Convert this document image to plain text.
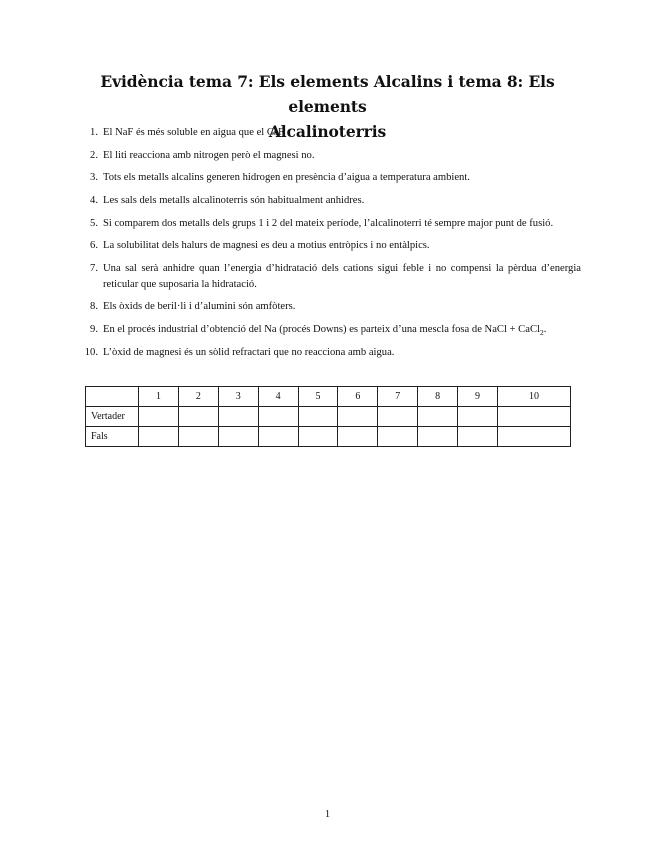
Evidència tema 7: Els elements Alcalins i tema 8: Els elements
Alcalinoterris
1. El NaF és més soluble en aigua que el CsF.
2. El liti reacciona amb nitrogen però el magnesi no.
3. Tots els metalls alcalins generen hidrogen en presència d’aigua a temperatura ambient.
4. Les sals dels metalls alcalinoterris són habitualment anhidres.
5. Si comparem dos metalls dels grups 1 i 2 del mateix període, l’alcalinoterri té sempre major punt de fusió.
6. La solubilitat dels halurs de magnesi es deu a motius entròpics i no entàlpics.
7. Una sal serà anhidre quan l’energia d’hidratació dels cations sigui feble i no compensi la pèrdua d’energia reticular que suposaria la hidratació.
8. Els òxids de beril·li i d’alumini són amfòters.
9. En el procés industrial d’obtenció del Na (procés Downs) es parteix d’una mescla fosa de NaCl + CaCl$_2$.
10. L’òxid de magnesi és un sòlid refractari que no reacciona amb aigua.
	1	2	3	4	5	6	7	8	9	10
Vertader										
Fals										
1
